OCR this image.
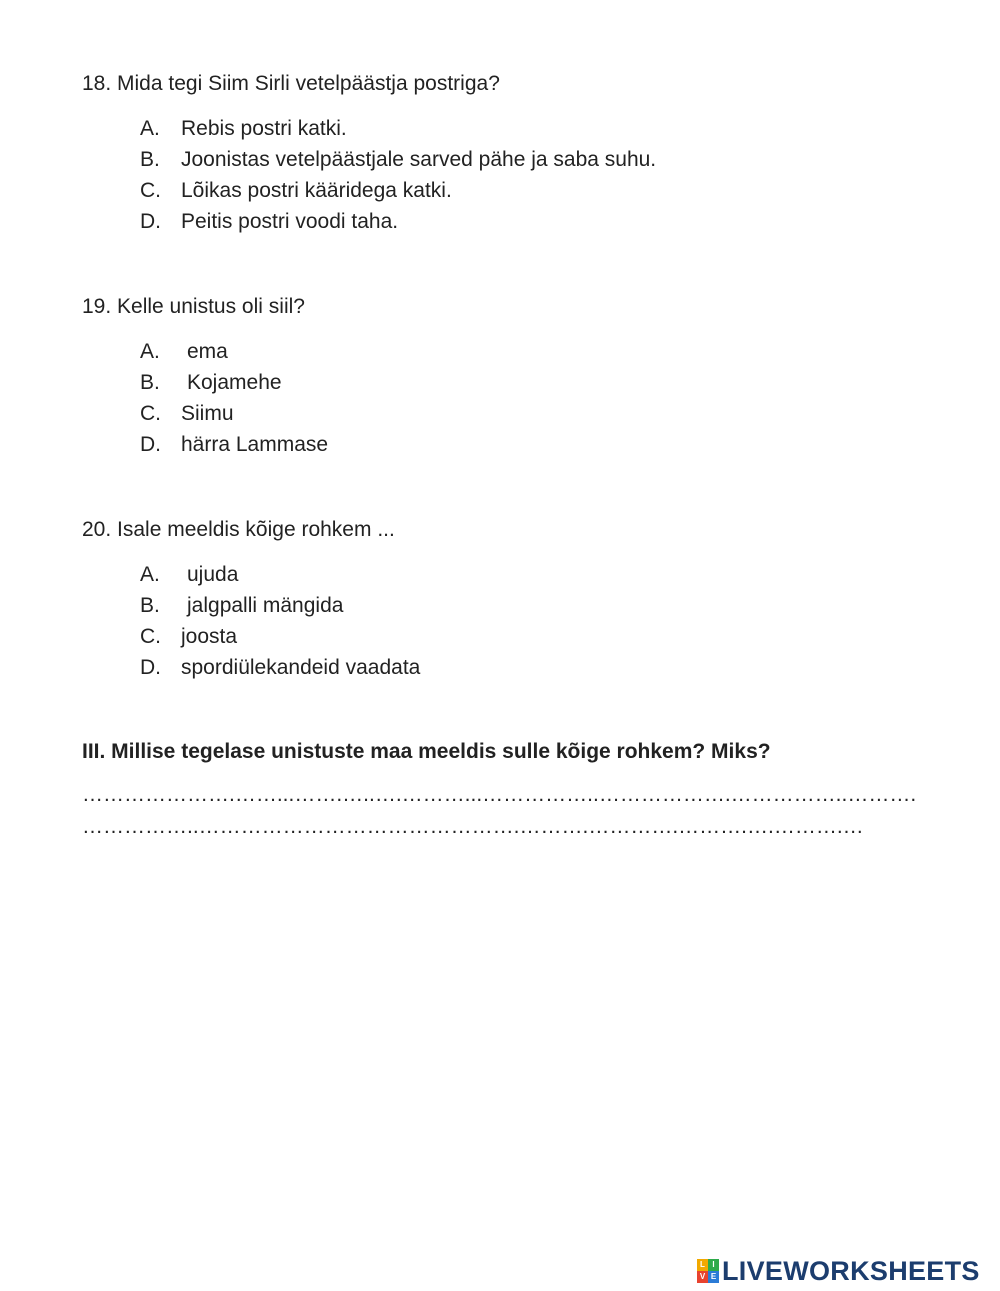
18. Mida tegi Siim Sirli vetelpäästja postriga?

A. Rebis postri katki.
B. Joonistas vetelpäästjale sarved pähe ja saba suhu.
C. Lõikas postri kääridega katki.
D. Peitis postri voodi taha.

19. Kelle unistus oli siil?

A. ema
B. Kojamehe
C. Siimu
D. härra Lammase

20. Isale meeldis kõige rohkem ...

A. ujuda
B. jalgpalli mängida
C. joosta
D. spordiülekandeid vaadata

III. Millise tegelase unistuste maa meeldis sulle kõige rohkem? Miks?

………………….……...…….…..….………...……………..……………….……………..……….
……………..……………………………………….……….………….……….….……….…
L I
V E LIVEWORKSHEETS
